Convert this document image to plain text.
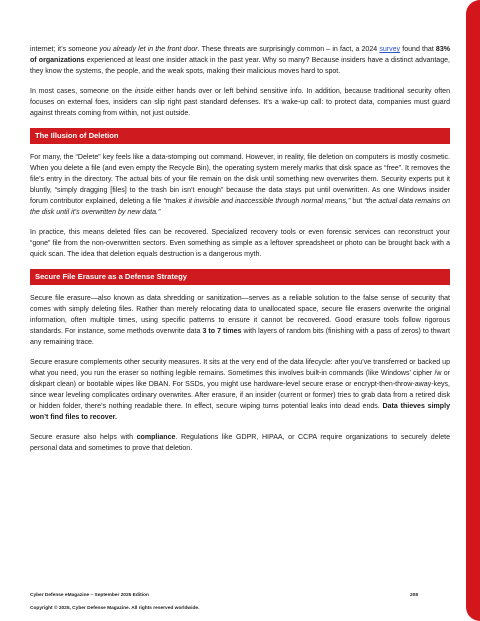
internet; it’s someone you already let in the front door. These threats are surprisingly common – in fact, a 2024 survey found that 83% of organizations experienced at least one insider attack in the past year. Why so many? Because insiders have a distinct advantage, they know the systems, the people, and the weak spots, making their malicious moves hard to spot.

In most cases, someone on the inside either hands over or left behind sensitive info. In addition, because traditional security often focuses on external foes, insiders can slip right past standard defenses. It’s a wake-up call: to protect data, companies must guard against threats coming from within, not just outside.

The Illusion of Deletion

For many, the “Delete” key feels like a data-stomping out command. However, in reality, file deletion on computers is mostly cosmetic. When you delete a file (and even empty the Recycle Bin), the operating system merely marks that disk space as “free”. It removes the file’s entry in the directory. The actual bits of your file remain on the disk until something new overwrites them. Security experts put it bluntly, “simply dragging [files] to the trash bin isn’t enough” because the data stays put until overwritten. As one Windows insider forum contributor explained, deleting a file “makes it invisible and inaccessible through normal means,” but “the actual data remains on the disk until it’s overwritten by new data.”

In practice, this means deleted files can be recovered. Specialized recovery tools or even forensic services can reconstruct your “gone” file from the non-overwritten sectors. Even something as simple as a leftover spreadsheet or photo can be brought back with a quick scan. The idea that deletion equals destruction is a dangerous myth.

Secure File Erasure as a Defense Strategy

Secure file erasure—also known as data shredding or sanitization—serves as a reliable solution to the false sense of security that comes with simply deleting files. Rather than merely relocating data to unallocated space, secure file erasers overwrite the original information, often multiple times, using specific patterns to ensure it cannot be recovered. Good erasure tools follow rigorous standards. For instance, some methods overwrite data 3 to 7 times with layers of random bits (finishing with a pass of zeros) to thwart any remaining trace.

Secure erasure complements other security measures. It sits at the very end of the data lifecycle: after you’ve transferred or backed up what you need, you run the eraser so nothing legible remains. Sometimes this involves built-in commands (like Windows’ cipher /w or diskpart clean) or bootable wipes like DBAN. For SSDs, you might use hardware-level secure erase or encrypt-then-throw-away-keys, since wear leveling complicates ordinary overwrites. After erasure, if an insider (current or former) tries to grab data from a retired disk or hidden folder, there’s nothing readable there. In effect, secure wiping turns potential leaks into dead ends. Data thieves simply won’t find files to recover.

Secure erasure also helps with compliance. Regulations like GDPR, HIPAA, or CCPA require organizations to securely delete personal data and sometimes to prove that deletion.

Cyber Defense eMagazine – September 2025 Edition	208
Copyright © 2025, Cyber Defense Magazine. All rights reserved worldwide.
